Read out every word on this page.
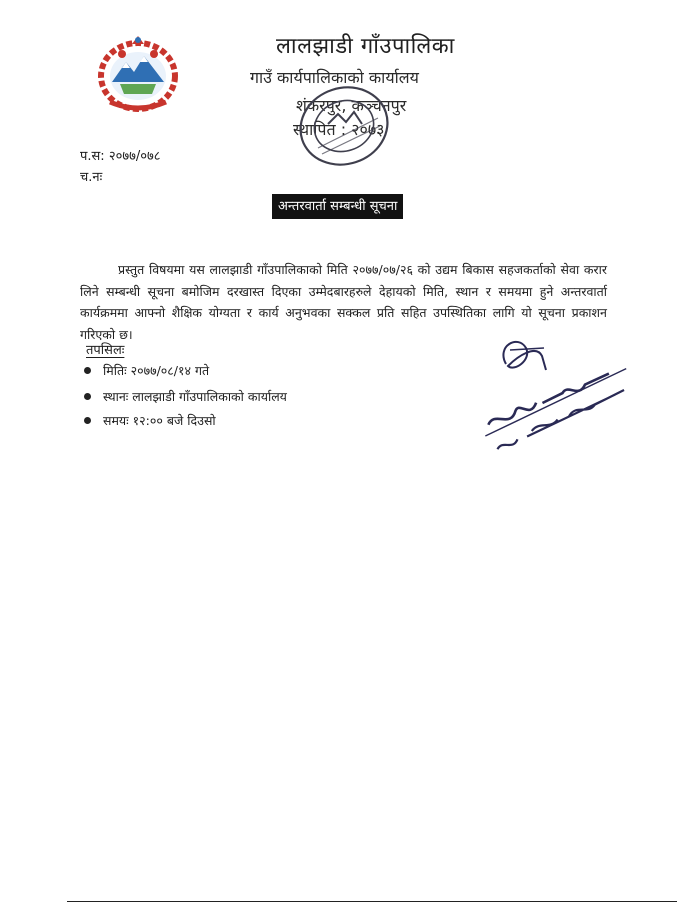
लालझाडी गाँउपालिका
गाउँ कार्यपालिकाको कार्यालय
शंकरपुर, कञ्चनपुर
स्थापित : २०७३
प.स: २०७७/०७८
च.नः
अन्तरवार्ता सम्बन्धी सूचना

प्रस्तुत विषयमा यस लालझाडी गाँउपालिकाको मिति २०७७/०७/२६ को उद्यम बिकास सहजकर्ताको सेवा करार लिने सम्बन्धी सूचना बमोजिम दरखास्त दिएका उम्मेदबारहरुले देहायको मिति, स्थान र समयमा हुने अन्तरवार्ता कार्यक्रममा आफ्नो शैक्षिक योग्यता र कार्य अनुभवका सक्कल प्रति सहित उपस्थितिका लागि यो सूचना प्रकाशन गरिएको छ।

तपसिलः
मितिः २०७७/०८/१४ गते
स्थानः लालझाडी गाँउपालिकाको कार्यालय
समयः १२:०० बजे दिउसो
